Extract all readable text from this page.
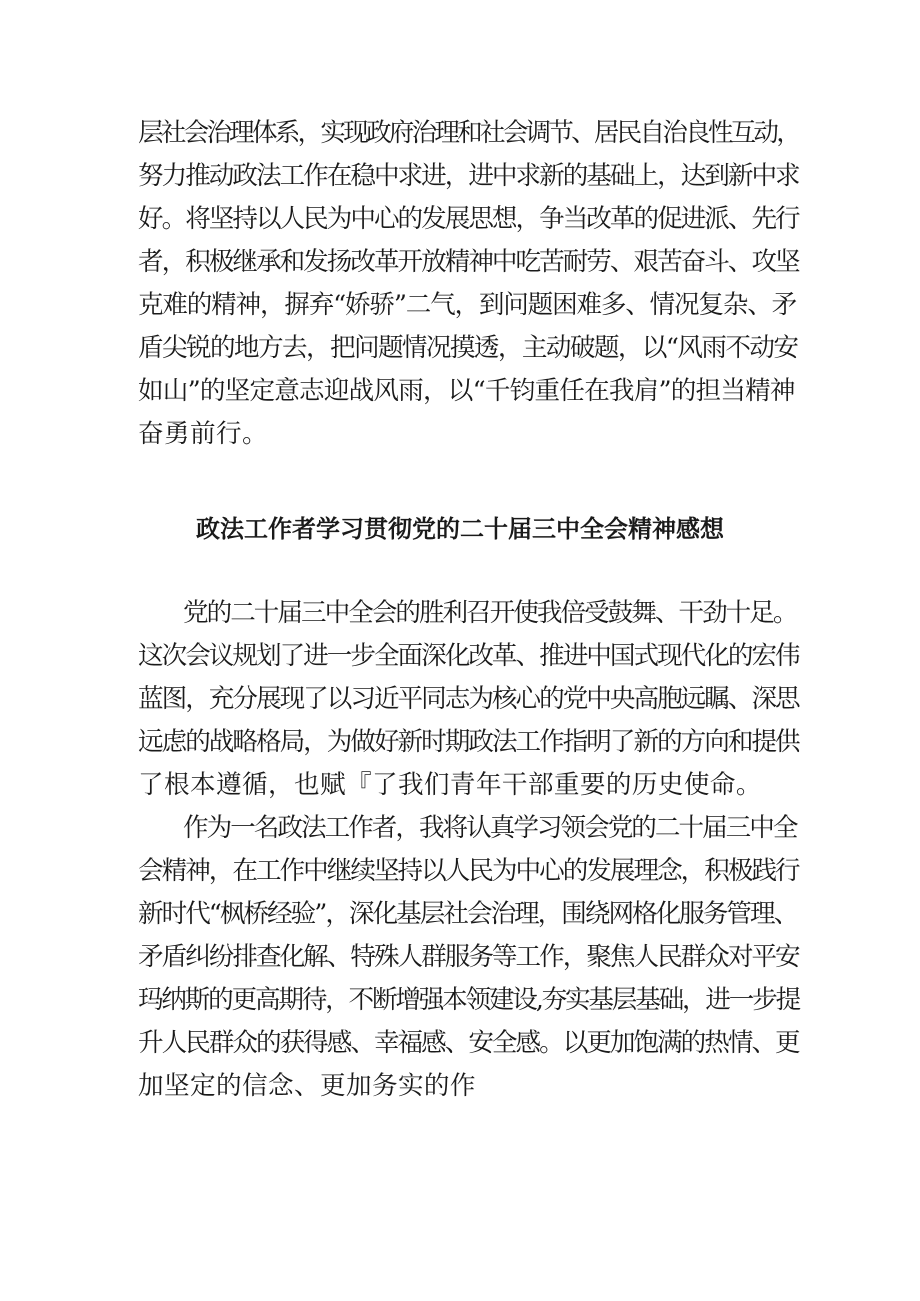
层社会治理体系，实现政府治理和社会调节、居民自治良性互动，
努力推动政法工作在稳中求进，进中求新的基础上，达到新中求
好。将坚持以人民为中心的发展思想，争当改革的促进派、先行
者，积极继承和发扬改革开放精神中吃苦耐劳、艰苦奋斗、攻坚
克难的精神，摒弃“娇骄”二气，到问题困难多、情况复杂、矛
盾尖锐的地方去，把问题情况摸透，主动破题，以“风雨不动安
如山”的坚定意志迎战风雨，以“千钧重任在我肩”的担当精神
奋勇前行。
政法工作者学习贯彻党的二十届三中全会精神感想
党的二十届三中全会的胜利召开使我倍受鼓舞、干劲十足。
这次会议规划了进一步全面深化改革、推进中国式现代化的宏伟
蓝图，充分展现了以习近平同志为核心的党中央高胞远瞩、深思
远虑的战略格局，为做好新时期政法工作指明了新的方向和提供
了根本遵循，也赋『了我们青年干部重要的历史使命。
作为一名政法工作者，我将认真学习领会党的二十届三中全
会精神，在工作中继续坚持以人民为中心的发展理念，积极践行
新时代“枫桥经验”，深化基层社会治理，围绕网格化服务管理、
矛盾纠纷排查化解、特殊人群服务等工作，聚焦人民群众对平安
玛纳斯的更高期待，不断增强本领建设,夯实基层基础，进一步提
升人民群众的获得感、幸福感、安全感。以更加饱满的热情、更
加坚定的信念、更加务实的作
